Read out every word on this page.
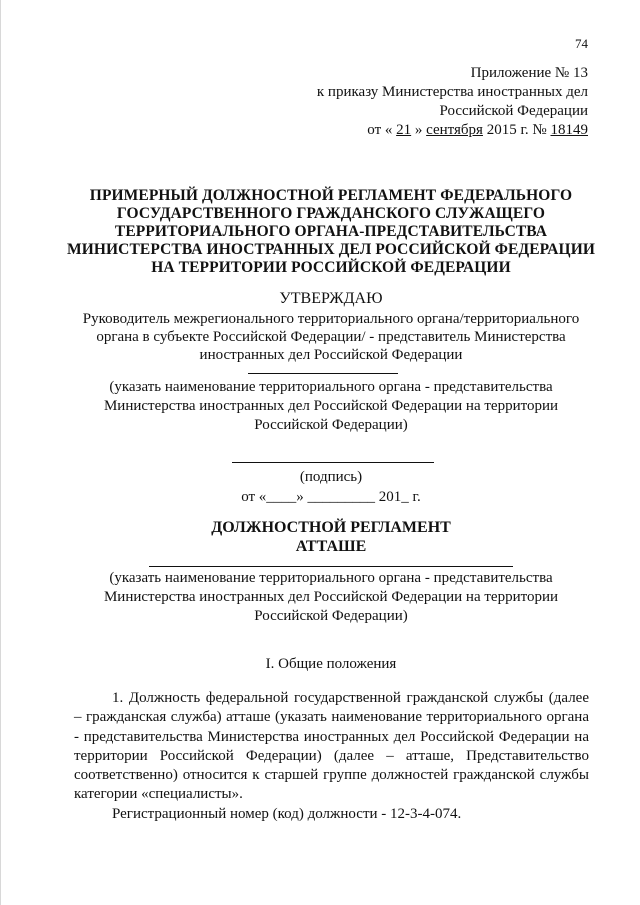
74
Приложение № 13
к приказу Министерства иностранных дел
Российской Федерации
от « 21 » сентября 2015 г. № 18149
ПРИМЕРНЫЙ ДОЛЖНОСТНОЙ РЕГЛАМЕНТ ФЕДЕРАЛЬНОГО
ГОСУДАРСТВЕННОГО ГРАЖДАНСКОГО СЛУЖАЩЕГО
ТЕРРИТОРИАЛЬНОГО ОРГАНА-ПРЕДСТАВИТЕЛЬСТВА
МИНИСТЕРСТВА ИНОСТРАННЫХ ДЕЛ РОССИЙСКОЙ ФЕДЕРАЦИИ
НА ТЕРРИТОРИИ РОССИЙСКОЙ ФЕДЕРАЦИИ
УТВЕРЖДАЮ
Руководитель межрегионального территориального органа/территориального
органа в субъекте Российской Федерации/ - представитель Министерства
иностранных дел Российской Федерации
(указать наименование территориального органа - представительства
Министерства иностранных дел Российской Федерации на территории
Российской Федерации)
(подпись)
от «____» _________ 201_ г.
ДОЛЖНОСТНОЙ РЕГЛАМЕНТ
АТТАШЕ
(указать наименование территориального органа - представительства
Министерства иностранных дел Российской Федерации на территории
Российской Федерации)
I. Общие положения
1. Должность федеральной государственной гражданской службы (далее – гражданская служба) атташе (указать наименование территориального органа - представительства Министерства иностранных дел Российской Федерации на территории Российской Федерации) (далее – атташе, Представительство соответственно) относится к старшей группе должностей гражданской службы категории «специалисты».
Регистрационный номер (код) должности - 12-3-4-074.
